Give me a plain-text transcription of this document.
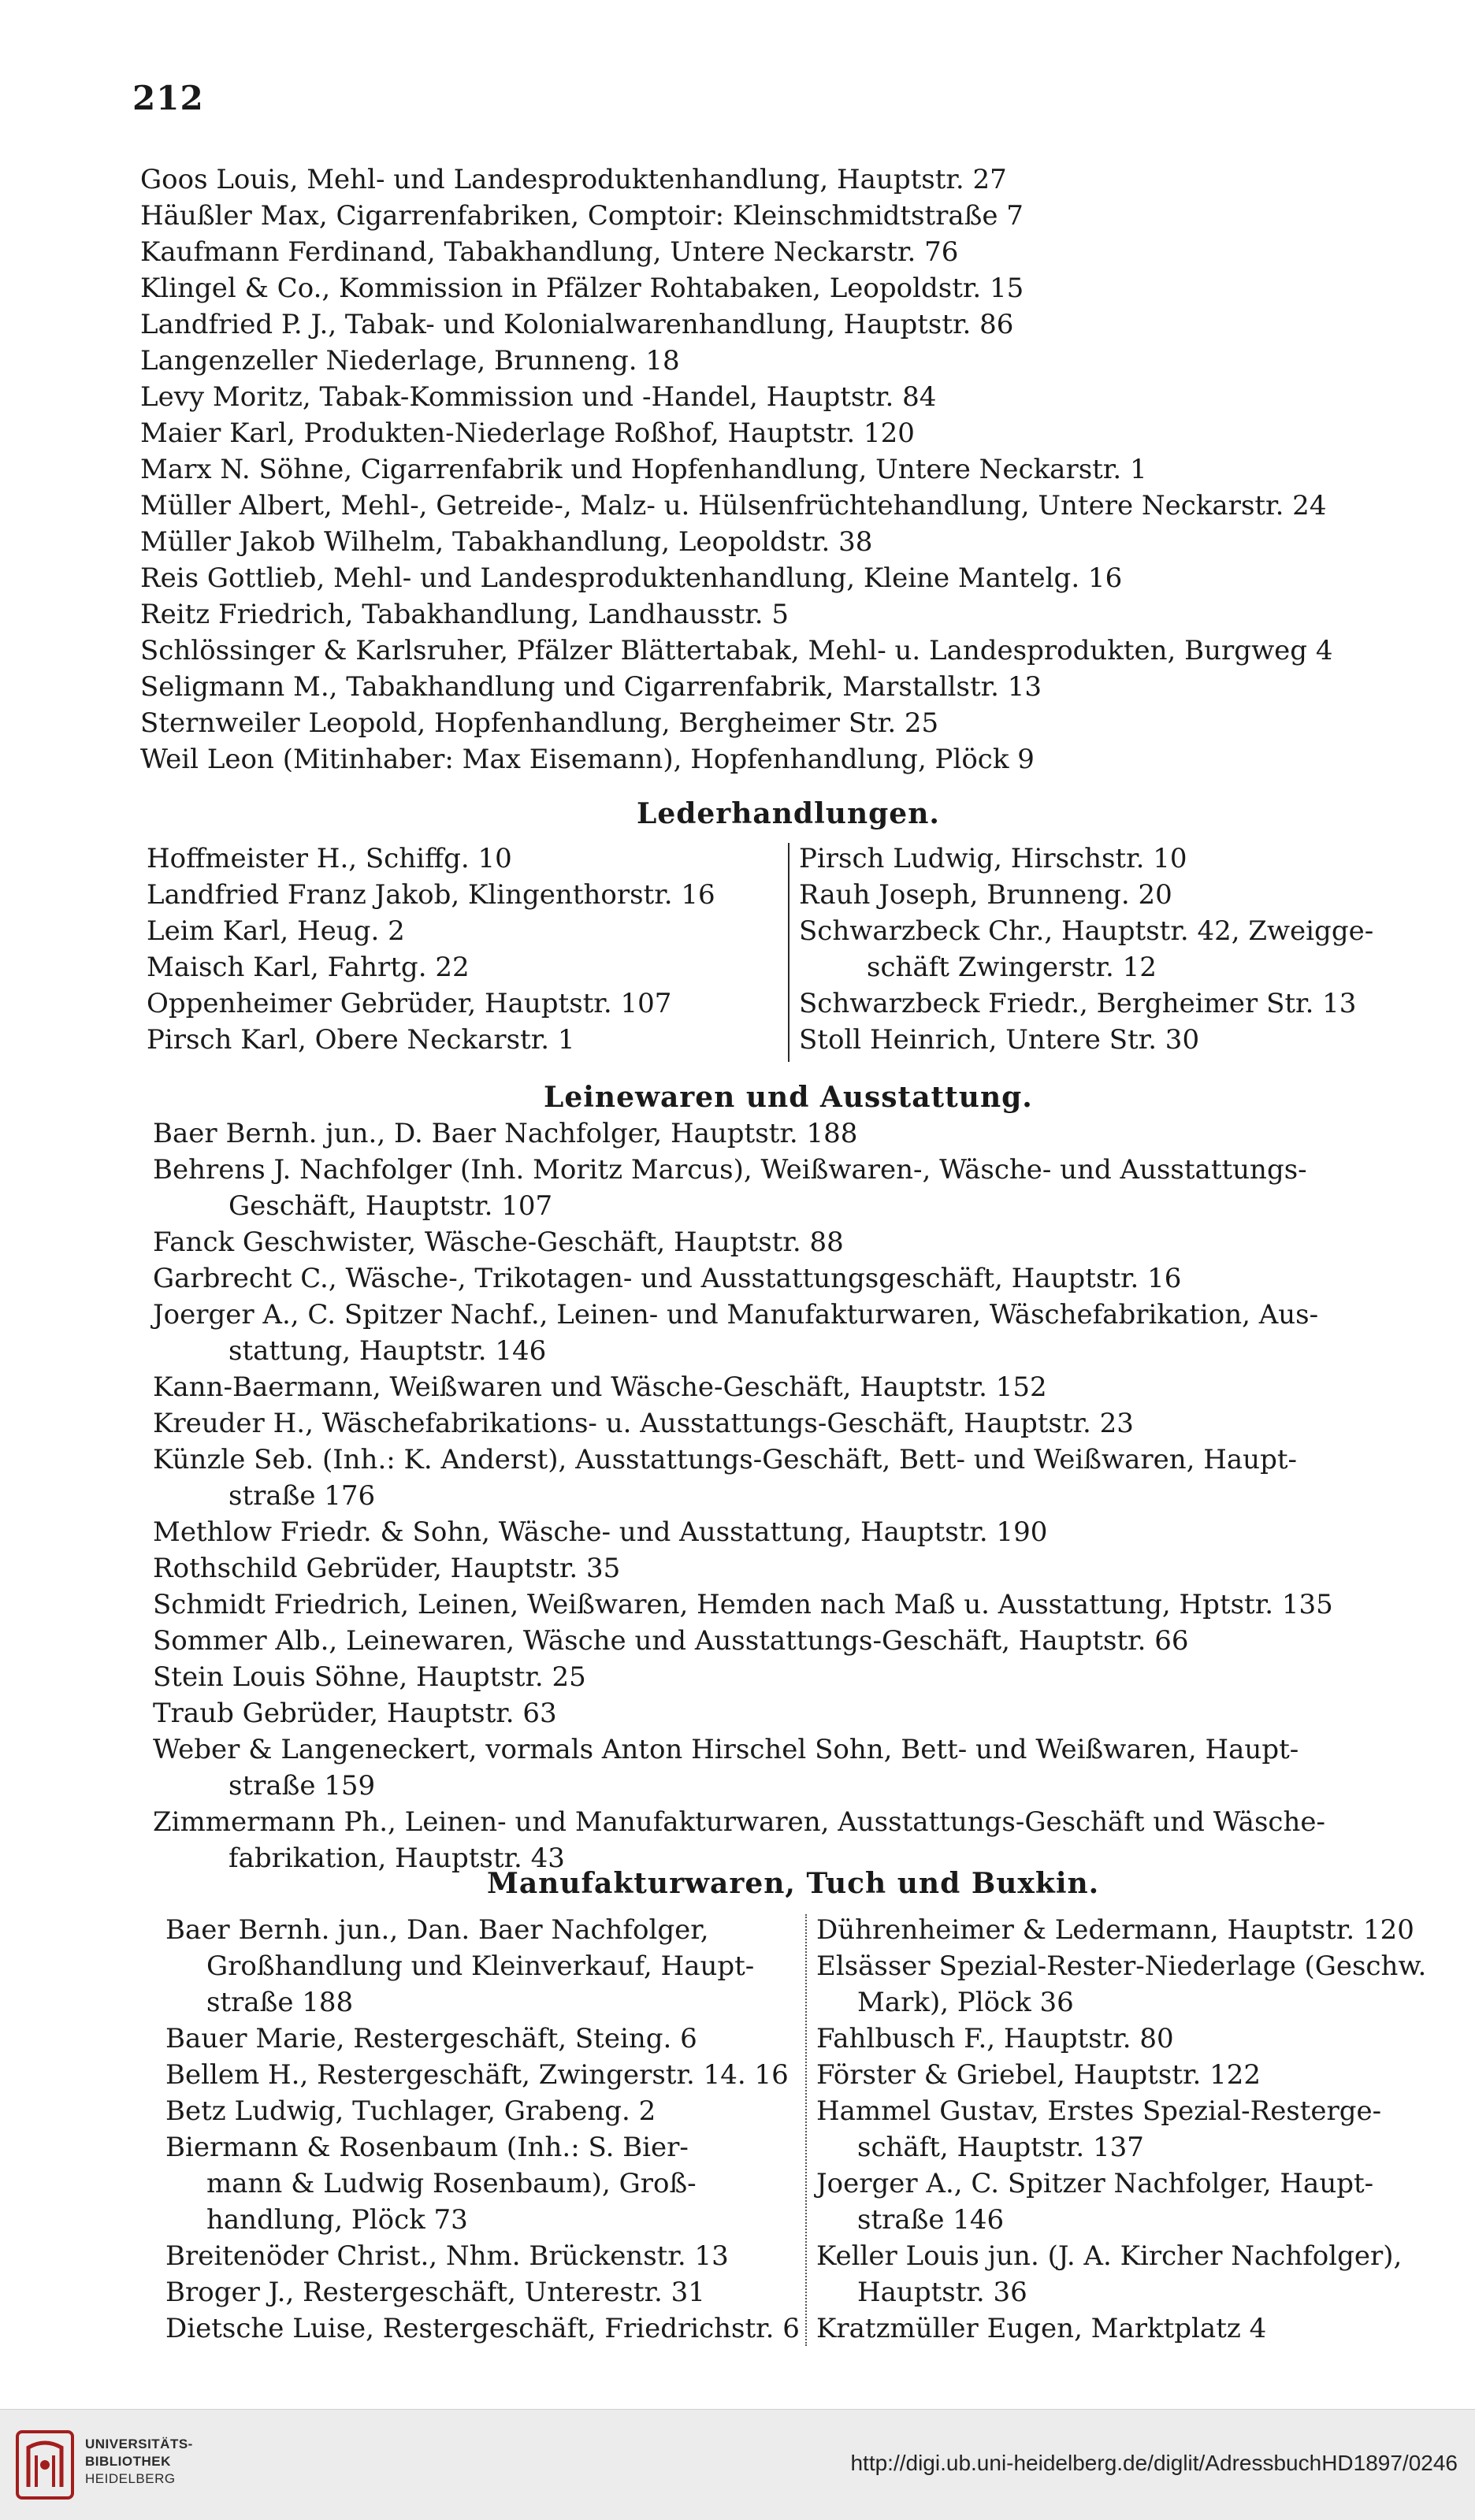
212
Goos Louis, Mehl- und Landesproduktenhandlung, Hauptstr. 27
Häußler Max, Cigarrenfabriken, Comptoir: Kleinschmidtstraße 7
Kaufmann Ferdinand, Tabakhandlung, Untere Neckarstr. 76
Klingel & Co., Kommission in Pfälzer Rohtabaken, Leopoldstr. 15
Landfried P. J., Tabak- und Kolonialwarenhandlung, Hauptstr. 86
Langenzeller Niederlage, Brunneng. 18
Levy Moritz, Tabak-Kommission und -Handel, Hauptstr. 84
Maier Karl, Produkten-Niederlage Roßhof, Hauptstr. 120
Marx N. Söhne, Cigarrenfabrik und Hopfenhandlung, Untere Neckarstr. 1
Müller Albert, Mehl-, Getreide-, Malz- u. Hülsenfrüchtehandlung, Untere Neckarstr. 24
Müller Jakob Wilhelm, Tabakhandlung, Leopoldstr. 38
Reis Gottlieb, Mehl- und Landesproduktenhandlung, Kleine Mantelg. 16
Reitz Friedrich, Tabakhandlung, Landhausstr. 5
Schlössinger & Karlsruher, Pfälzer Blättertabak, Mehl- u. Landesprodukten, Burgweg 4
Seligmann M., Tabakhandlung und Cigarrenfabrik, Marstallstr. 13
Sternweiler Leopold, Hopfenhandlung, Bergheimer Str. 25
Weil Leon (Mitinhaber: Max Eisemann), Hopfenhandlung, Plöck 9
Lederhandlungen.
Hoffmeister H., Schiffg. 10
Landfried Franz Jakob, Klingenthorstr. 16
Leim Karl, Heug. 2
Maisch Karl, Fahrtg. 22
Oppenheimer Gebrüder, Hauptstr. 107
Pirsch Karl, Obere Neckarstr. 1
Pirsch Ludwig, Hirschstr. 10
Rauh Joseph, Brunneng. 20
Schwarzbeck Chr., Hauptstr. 42, Zweigge-
schäft Zwingerstr. 12
Schwarzbeck Friedr., Bergheimer Str. 13
Stoll Heinrich, Untere Str. 30
Leinewaren und Ausstattung.
Baer Bernh. jun., D. Baer Nachfolger, Hauptstr. 188
Behrens J. Nachfolger (Inh. Moritz Marcus), Weißwaren-, Wäsche- und Ausstattungs-
Geschäft, Hauptstr. 107
Fanck Geschwister, Wäsche-Geschäft, Hauptstr. 88
Garbrecht C., Wäsche-, Trikotagen- und Ausstattungsgeschäft, Hauptstr. 16
Joerger A., C. Spitzer Nachf., Leinen- und Manufakturwaren, Wäschefabrikation, Aus-
stattung, Hauptstr. 146
Kann-Baermann, Weißwaren und Wäsche-Geschäft, Hauptstr. 152
Kreuder H., Wäschefabrikations- u. Ausstattungs-Geschäft, Hauptstr. 23
Künzle Seb. (Inh.: K. Anderst), Ausstattungs-Geschäft, Bett- und Weißwaren, Haupt-
straße 176
Methlow Friedr. & Sohn, Wäsche- und Ausstattung, Hauptstr. 190
Rothschild Gebrüder, Hauptstr. 35
Schmidt Friedrich, Leinen, Weißwaren, Hemden nach Maß u. Ausstattung, Hptstr. 135
Sommer Alb., Leinewaren, Wäsche und Ausstattungs-Geschäft, Hauptstr. 66
Stein Louis Söhne, Hauptstr. 25
Traub Gebrüder, Hauptstr. 63
Weber & Langeneckert, vormals Anton Hirschel Sohn, Bett- und Weißwaren, Haupt-
straße 159
Zimmermann Ph., Leinen- und Manufakturwaren, Ausstattungs-Geschäft und Wäsche-
fabrikation, Hauptstr. 43
Manufakturwaren, Tuch und Buxkin.
Baer Bernh. jun., Dan. Baer Nachfolger,
Großhandlung und Kleinverkauf, Haupt-
straße 188
Bauer Marie, Restergeschäft, Steing. 6
Bellem H., Restergeschäft, Zwingerstr. 14. 16
Betz Ludwig, Tuchlager, Grabeng. 2
Biermann & Rosenbaum (Inh.: S. Bier-
mann & Ludwig Rosenbaum), Groß-
handlung, Plöck 73
Breitenöder Christ., Nhm. Brückenstr. 13
Broger J., Restergeschäft, Unterestr. 31
Dietsche Luise, Restergeschäft, Friedrichstr. 6
Dührenheimer & Ledermann, Hauptstr. 120
Elsässer Spezial-Rester-Niederlage (Geschw.
Mark), Plöck 36
Fahlbusch F., Hauptstr. 80
Förster & Griebel, Hauptstr. 122
Hammel Gustav, Erstes Spezial-Resterge-
schäft, Hauptstr. 137
Joerger A., C. Spitzer Nachfolger, Haupt-
straße 146
Keller Louis jun. (J. A. Kircher Nachfolger),
Hauptstr. 36
Kratzmüller Eugen, Marktplatz 4
UNIVERSITÄTS-
BIBLIOTHEK
HEIDELBERG
http://digi.ub.uni-heidelberg.de/diglit/AdressbuchHD1897/0246
